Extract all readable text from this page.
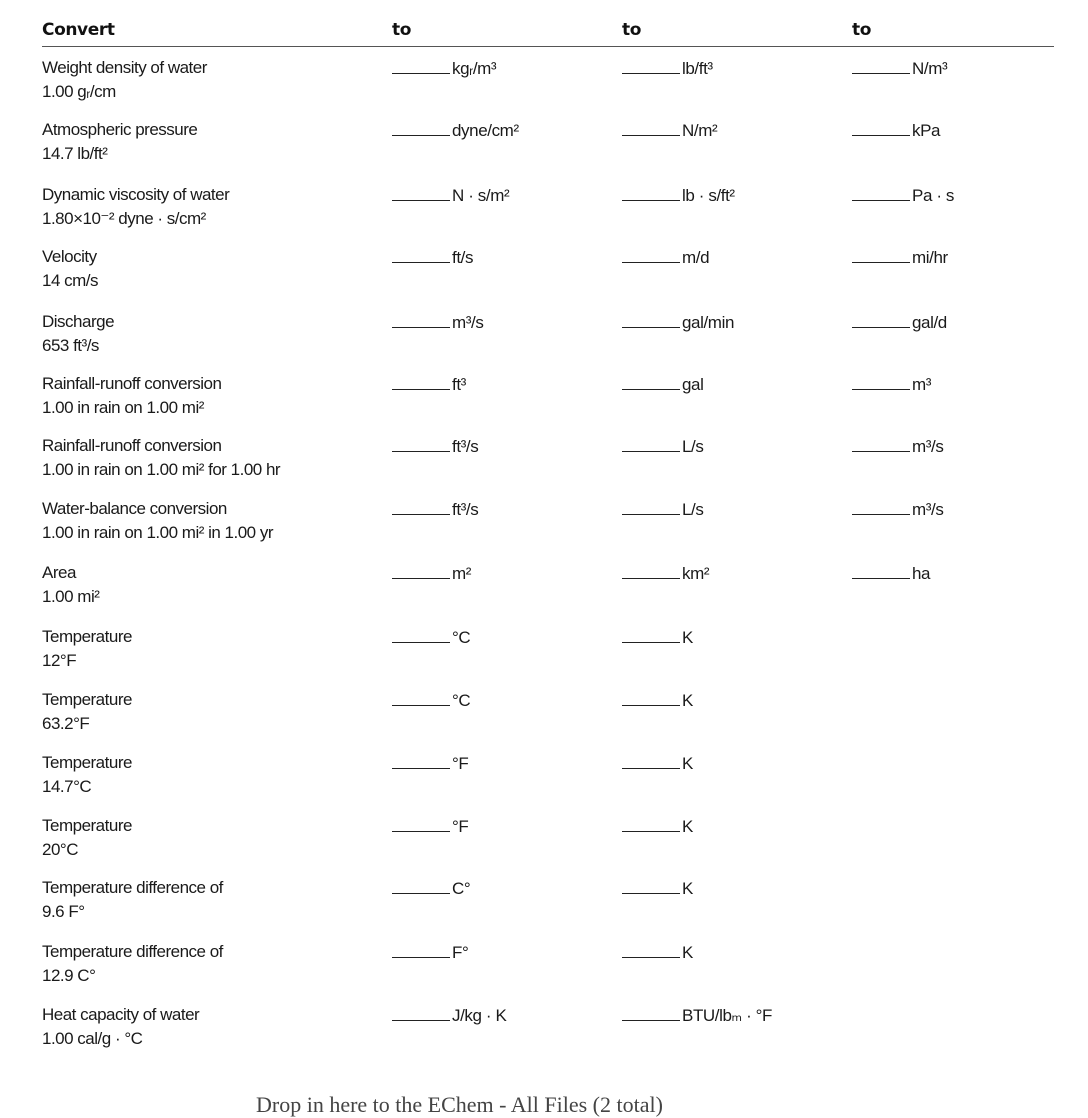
Convert	to	to	to
Weight density of water
1.00 gᵣ/cm
kgᵣ/m³	lb/ft³	N/m³
Atmospheric pressure
14.7 lb/ft²
dyne/cm²	N/m²	kPa
Dynamic viscosity of water
1.80×10⁻² dyne · s/cm²
N · s/m²	lb · s/ft²	Pa · s
Velocity
14 cm/s
ft/s	m/d	mi/hr
Discharge
653 ft³/s
m³/s	gal/min	gal/d
Rainfall-runoff conversion
1.00 in rain on 1.00 mi²
ft³	gal	m³
Rainfall-runoff conversion
1.00 in rain on 1.00 mi² for 1.00 hr
ft³/s	L/s	m³/s
Water-balance conversion
1.00 in rain on 1.00 mi² in 1.00 yr
ft³/s	L/s	m³/s
Area
1.00 mi²
m²	km²	ha
Temperature
12°F
°C	K
Temperature
63.2°F
°C	K
Temperature
14.7°C
°F	K
Temperature
20°C
°F	K
Temperature difference of
9.6 F°
C°	K
Temperature difference of
12.9 C°
F°	K
Heat capacity of water
1.00 cal/g · °C
J/kg · K	BTU/lbₘ · °F
Drop in here to the EChem - All Files (2 total)
